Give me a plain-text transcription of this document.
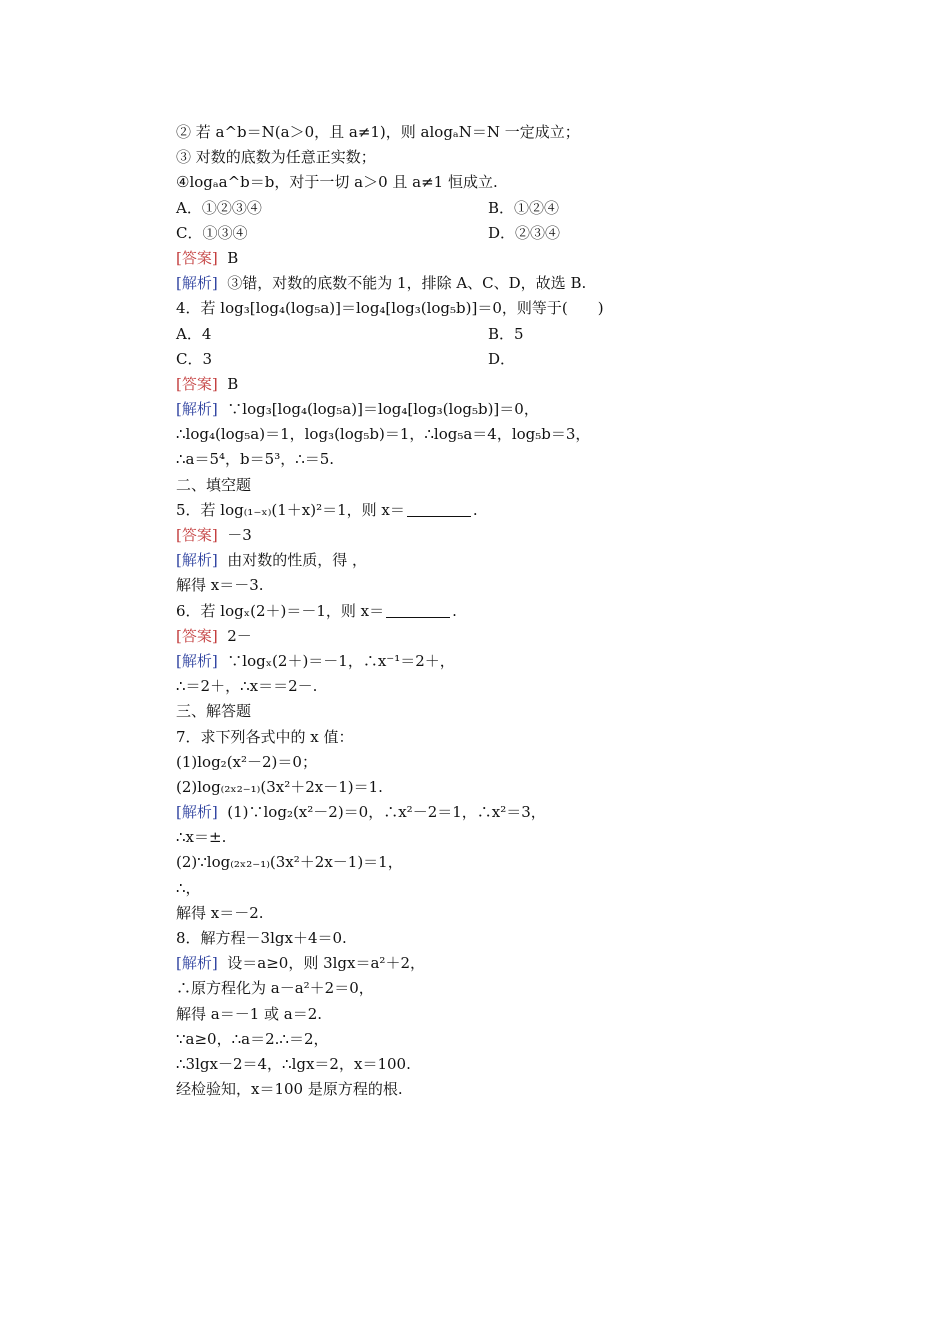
② 若 a^b＝N(a＞0，且 a≠1)，则 alogₐN＝N 一定成立；
③ 对数的底数为任意正实数；
④logₐa^b＝b，对于一切 a＞0 且 a≠1 恒成立.
A．①②③④	B．①②④
C．①③④	D．②③④
[答案] B
[解析] ③错，对数的底数不能为 1，排除 A、C、D，故选 B.
4．若 log₃[log₄(log₅a)]＝log₄[log₃(log₅b)]＝0，则等于(　　)
A．4	B．5
C．3	D．
[答案] B
[解析] ∵log₃[log₄(log₅a)]＝log₄[log₃(log₅b)]＝0，
∴log₄(log₅a)＝1，log₃(log₅b)＝1，∴log₅a＝4，log₅b＝3，
∴a＝5⁴，b＝5³，∴＝5.
二、填空题
5．若 log₍₁₋ₓ₎(1＋x)²＝1，则 x＝	.
[答案] －3
[解析] 由对数的性质，得 ，
解得 x＝－3.
6．若 logₓ(2＋)＝－1，则 x＝	.
[答案] 2－
[解析] ∵logₓ(2＋)＝－1，∴x⁻¹＝2＋，
∴＝2＋，∴x＝＝2－.
三、解答题
7．求下列各式中的 x 值：
(1)log₂(x²－2)＝0；
(2)log₍₂ₓ₂₋₁₎(3x²＋2x－1)＝1.
[解析] (1)∵log₂(x²－2)＝0，∴x²－2＝1，∴x²＝3，
∴x＝±.
(2)∵log₍₂ₓ₂₋₁₎(3x²＋2x－1)＝1，
∴，
解得 x＝－2.
8．解方程－3lgx＋4＝0.
[解析] 设＝a≥0，则 3lgx＝a²＋2，
∴原方程化为 a－a²＋2＝0，
解得 a＝－1 或 a＝2.
∵a≥0，∴a＝2.∴＝2，
∴3lgx－2＝4，∴lgx＝2，x＝100.
经检验知，x＝100 是原方程的根.
